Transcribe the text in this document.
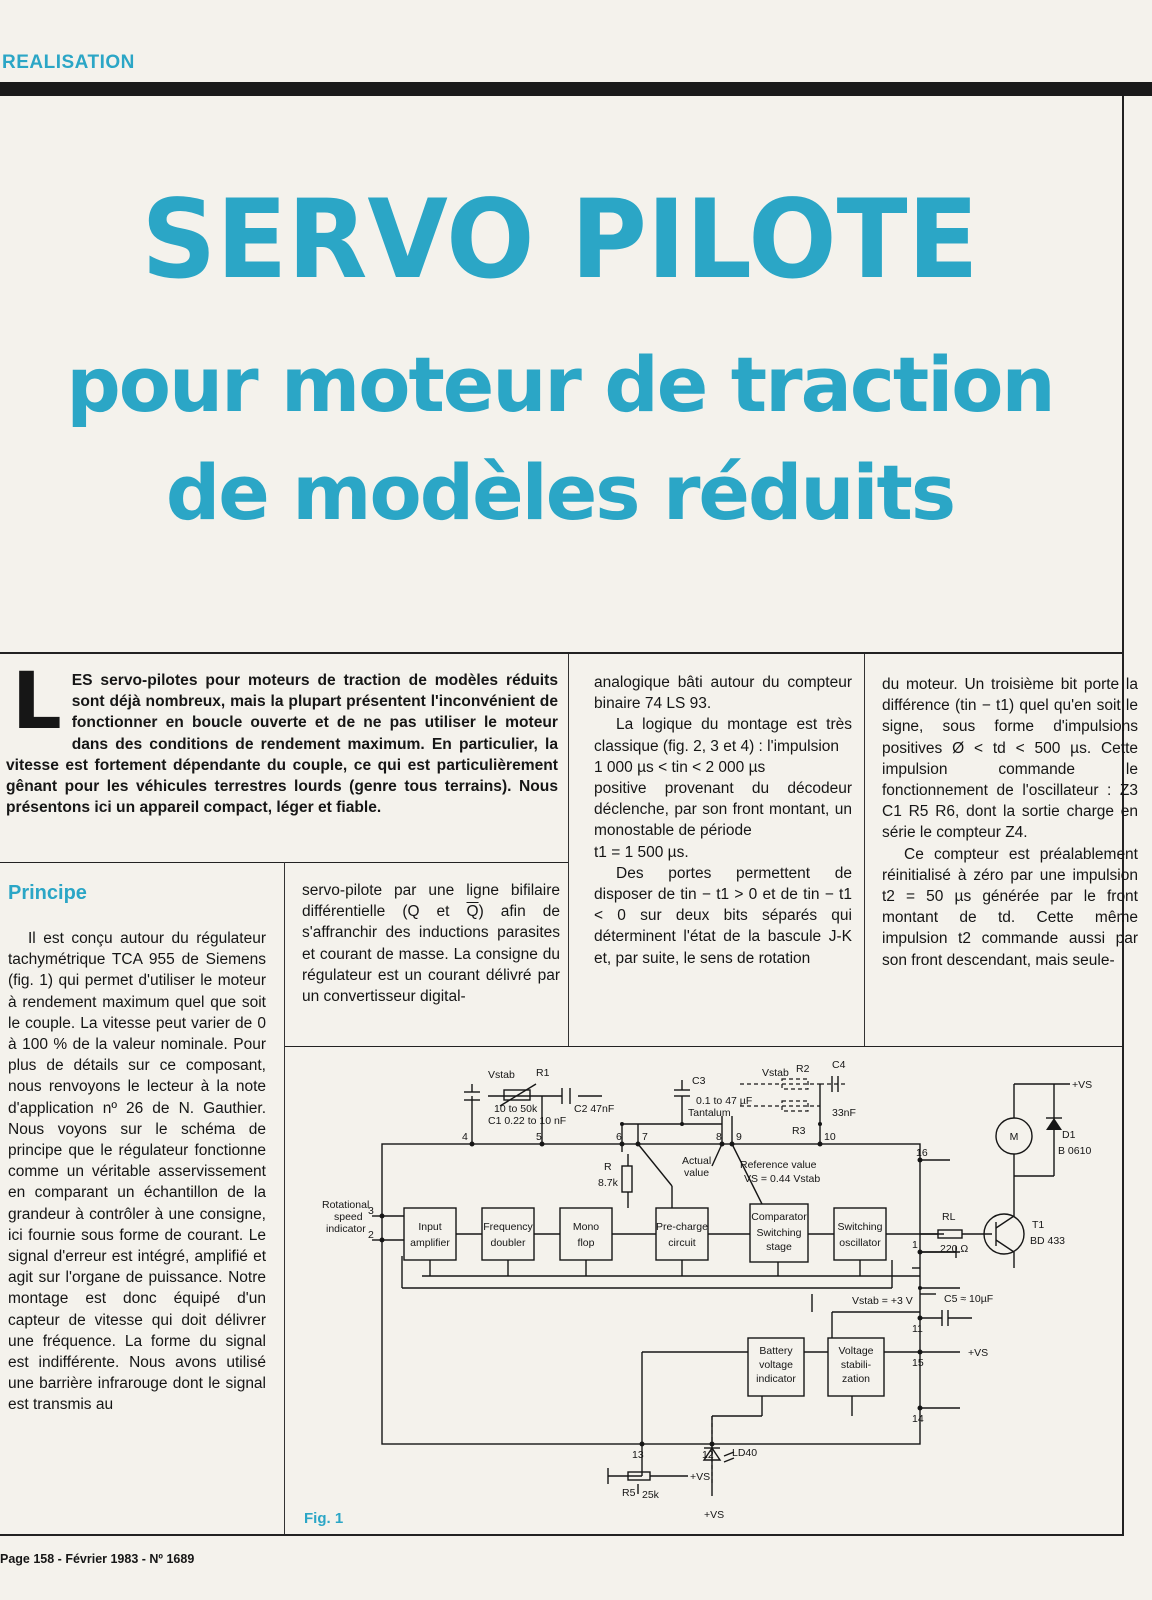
REALISATION
SERVO PILOTE
pour moteur de traction
de modèles réduits
LES servo-pilotes pour moteurs de traction de modèles réduits sont déjà nombreux, mais la plupart présentent l'inconvénient de fonctionner en boucle ouverte et de ne pas utiliser le moteur dans des conditions de rendement maximum. En particulier, la vitesse est fortement dépendante du couple, ce qui est particulièrement gênant pour les véhicules terrestres lourds (genre tous terrains). Nous présentons ici un appareil compact, léger et fiable.
Principe
Il est conçu autour du régulateur tachymétrique TCA 955 de Siemens (fig. 1) qui permet d'utiliser le moteur à rendement maximum quel que soit le couple. La vitesse peut varier de 0 à 100 % de la valeur nominale. Pour plus de détails sur ce composant, nous renvoyons le lecteur à la note d'application nº 26 de N. Gauthier. Nous voyons sur le schéma de principe que le régulateur fonctionne comme un véritable asservissement en comparant un échantillon de la grandeur à contrôler à une consigne, ici fournie sous forme de courant. Le signal d'erreur est intégré, amplifié et agit sur l'organe de puissance. Notre montage est donc équipé d'un capteur de vitesse qui doit délivrer une fréquence. La forme du signal est indifférente. Nous avons utilisé une barrière infrarouge dont le signal est transmis au
servo-pilote par une ligne bifilaire différentielle (Q et $\overline{Q}$) afin de s'affranchir des inductions parasites et courant de masse. La consigne du régulateur est un courant délivré par un convertisseur digital-
analogique bâti autour du compteur binaire 74 LS 93.
La logique du montage est très classique (fig. 2, 3 et 4) : l'impulsion
1 000 µs < tin < 2 000 µs
positive provenant du décodeur déclenche, par son front montant, un monostable de période
t1 = 1 500 µs.
Des portes permettent de disposer de tin − t1 > 0 et de tin − t1 < 0 sur deux bits séparés qui déterminent l'état de la bascule J-K et, par suite, le sens de rotation
du moteur. Un troisième bit porte la différence (tin − t1) quel qu'en soit le signe, sous forme d'impulsions positives Ø < td < 500 µs. Cette impulsion commande le fonctionnement de l'oscillateur : Z3 C1 R5 R6, dont la sortie charge en série le compteur Z4.
Ce compteur est préalablement réinitialisé à zéro par une impulsion t2 = 50 µs générée par le front montant de td. Cette même impulsion t2 commande aussi par son front descendant, mais seule-
Input
amplifier
Frequency
doubler
Mono
flop
Pre-charge
circuit
Comparator
Switching
stage
Switching
oscillator
Battery
voltage
indicator
Voltage
stabili-
zation
M
Vstab R1
10 to 50k
C1 0.22 to 10 nF
C2 47nF
C3
0.1 to 47 µF
Tantalum
Vstab R2 C4
33nF
R3
R
8.7k
Actual
value
Reference value
VS = 0.44 Vstab
Rotational
speed
indicator
RL
220 Ω
T1
BD 433
D1
B 0610
+VS
Vstab = +3 V	C5 ≈ 10µF
+VS
LD40
R5 25k
+VS
+VS
3
2
4	5	6 7	8 9	10
16
1
11
15
14
13	12
Fig. 1
Page 158 - Février 1983 - Nº 1689
